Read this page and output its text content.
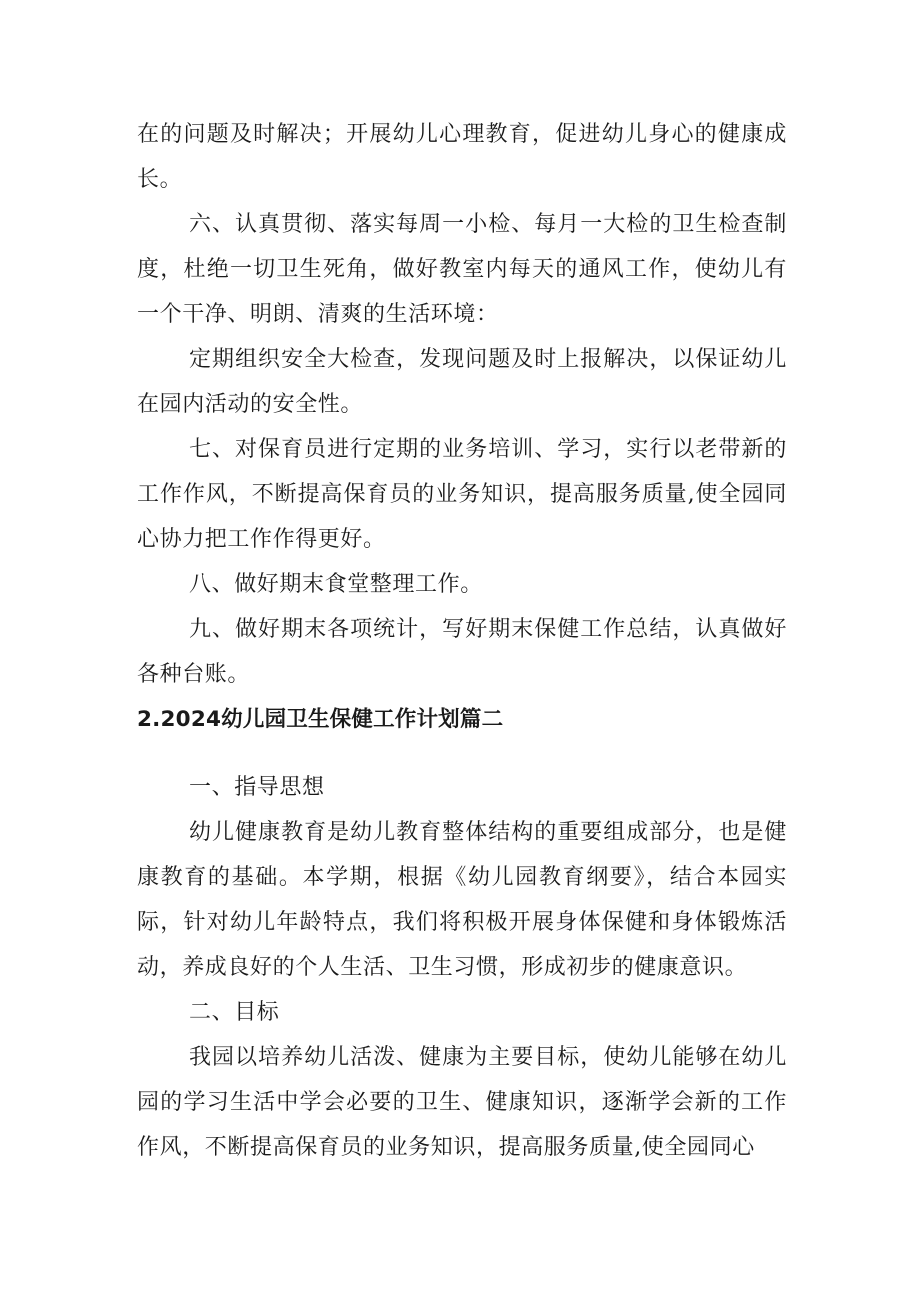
在的问题及时解决；开展幼儿心理教育，促进幼儿身心的健康成长。

六、认真贯彻、落实每周一小检、每月一大检的卫生检查制度，杜绝一切卫生死角，做好教室内每天的通风工作，使幼儿有一个干净、明朗、清爽的生活环境：

定期组织安全大检查，发现问题及时上报解决，以保证幼儿在园内活动的安全性。

七、对保育员进行定期的业务培训、学习，实行以老带新的工作作风，不断提高保育员的业务知识，提高服务质量,使全园同心协力把工作作得更好。

八、做好期末食堂整理工作。

九、做好期末各项统计，写好期末保健工作总结，认真做好各种台账。

2.2024幼儿园卫生保健工作计划篇二

一、指导思想

幼儿健康教育是幼儿教育整体结构的重要组成部分，也是健康教育的基础。本学期，根据《幼儿园教育纲要》，结合本园实际，针对幼儿年龄特点，我们将积极开展身体保健和身体锻炼活动，养成良好的个人生活、卫生习惯，形成初步的健康意识。

二、目标

我园以培养幼儿活泼、健康为主要目标，使幼儿能够在幼儿园的学习生活中学会必要的卫生、健康知识，逐渐学会新的工作作风，不断提高保育员的业务知识，提高服务质量,使全园同心
